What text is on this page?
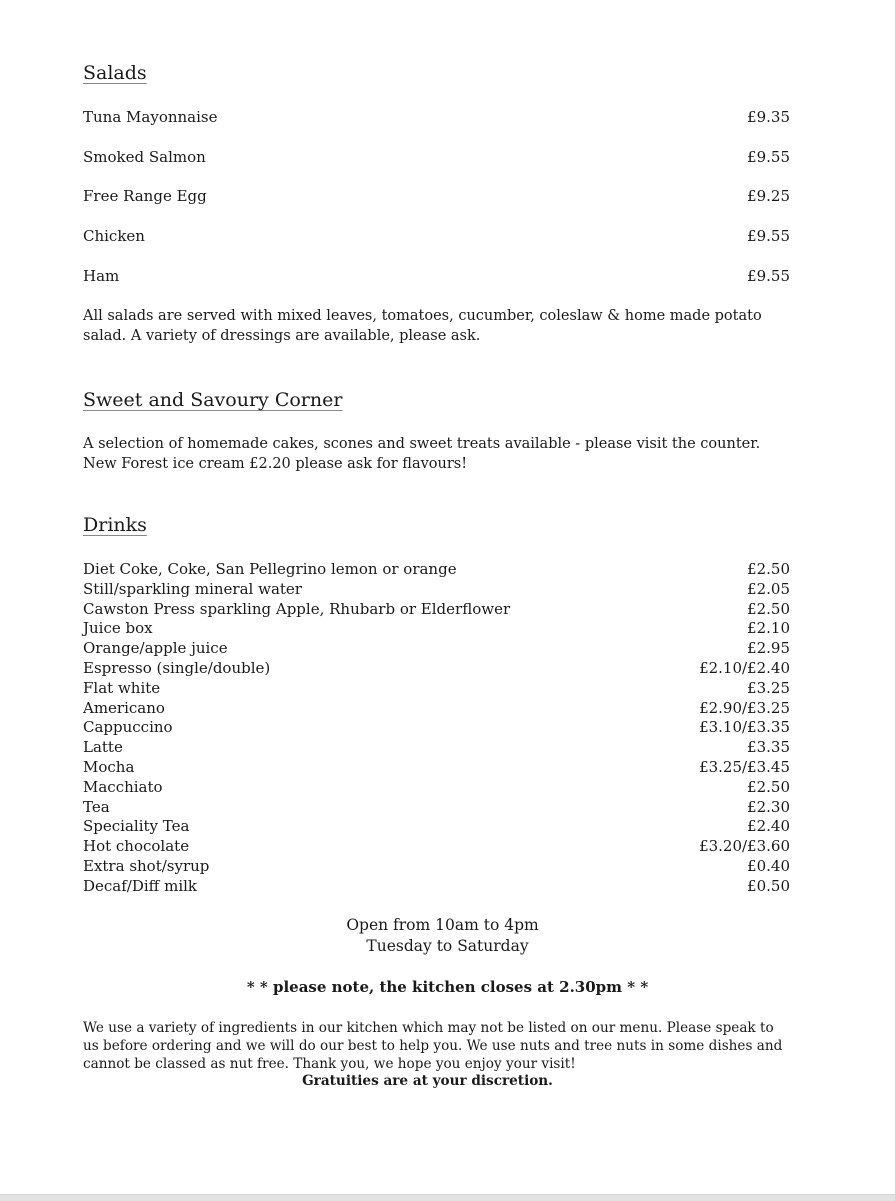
Salads
Tuna Mayonnaise	£9.35
Smoked Salmon	£9.55
Free Range Egg	£9.25
Chicken	£9.55
Ham	£9.55
All salads are served with mixed leaves, tomatoes, cucumber, coleslaw & home made potato
salad. A variety of dressings are available, please ask.
Sweet and Savoury Corner
A selection of homemade cakes, scones and sweet treats available - please visit the counter.
New Forest ice cream £2.20 please ask for flavours!
Drinks
Diet Coke, Coke, San Pellegrino lemon or orange	£2.50
Still/sparkling mineral water	£2.05
Cawston Press sparkling Apple, Rhubarb or Elderflower	£2.50
Juice box	£2.10
Orange/apple juice	£2.95
Espresso (single/double)	£2.10/£2.40
Flat white	£3.25
Americano	£2.90/£3.25
Cappuccino	£3.10/£3.35
Latte	£3.35
Mocha	£3.25/£3.45
Macchiato	£2.50
Tea	£2.30
Speciality Tea	£2.40
Hot chocolate	£3.20/£3.60
Extra shot/syrup	£0.40
Decaf/Diff milk	£0.50
Open from 10am to 4pm
Tuesday to Saturday
* * please note, the kitchen closes at 2.30pm * *
We use a variety of ingredients in our kitchen which may not be listed on our menu. Please speak to
us before ordering and we will do our best to help you. We use nuts and tree nuts in some dishes and
cannot be classed as nut free. Thank you, we hope you enjoy your visit!
Gratuities are at your discretion.
